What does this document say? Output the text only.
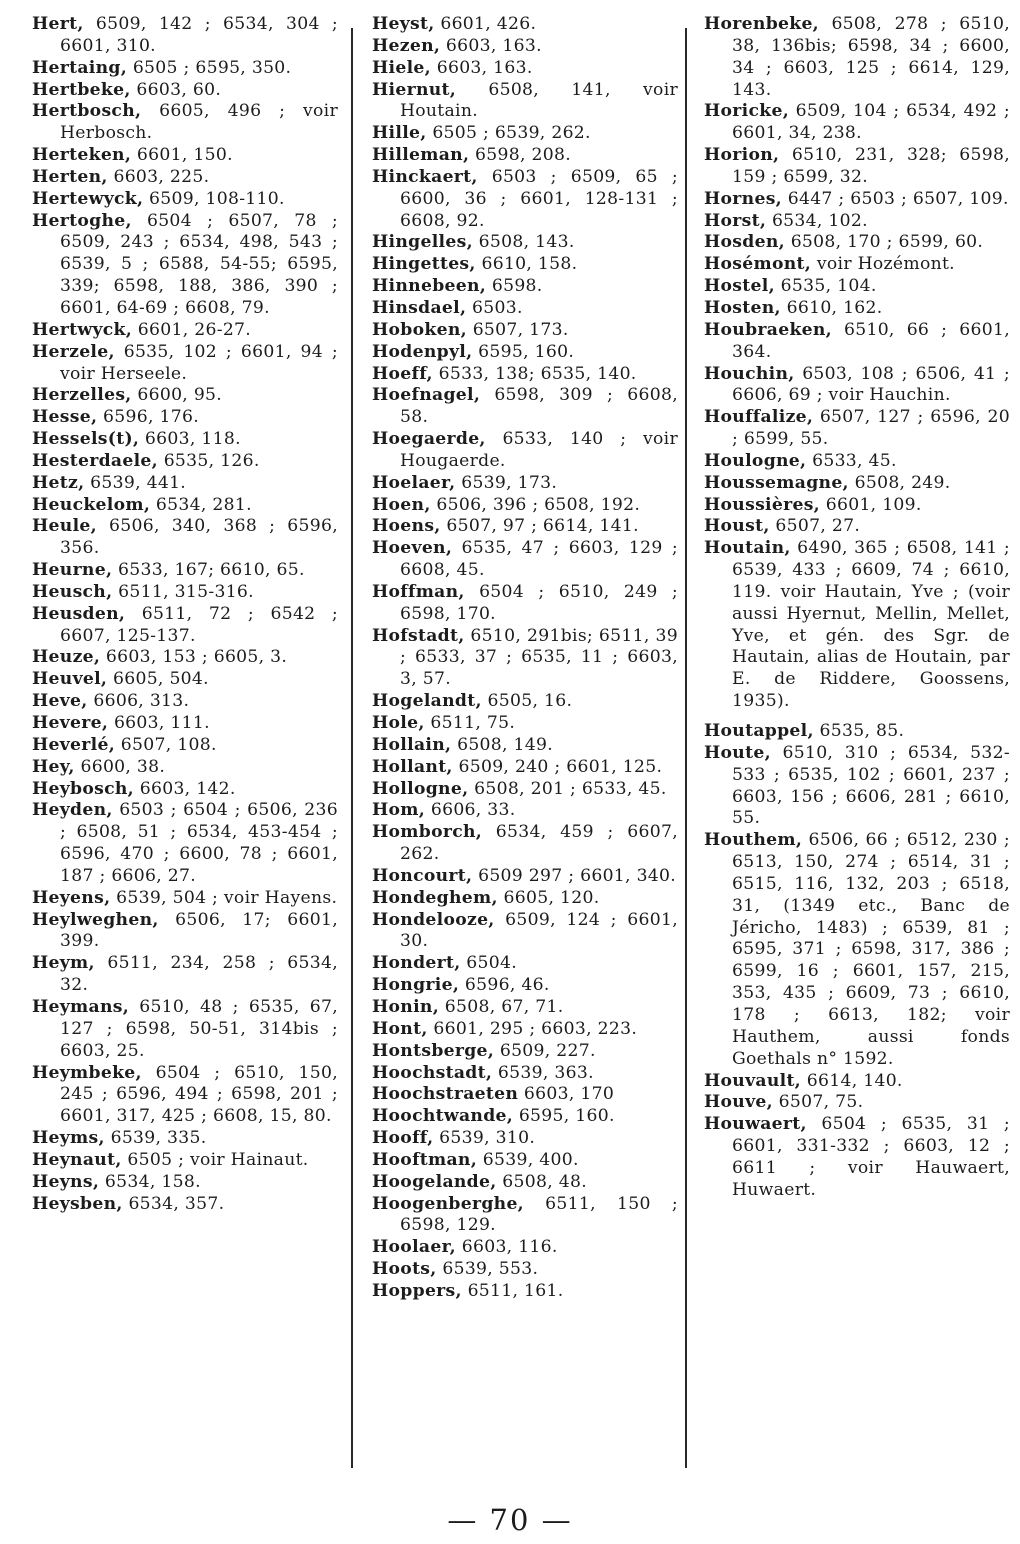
Hert, 6509, 142 ; 6534, 304 ; 6601, 310.
Hertaing, 6505 ; 6595, 350.
Hertbeke, 6603, 60.
Hertbosch, 6605, 496 ; voir Herbosch.
Herteken, 6601, 150.
Herten, 6603, 225.
Hertewyck, 6509, 108-110.
Hertoghe, 6504 ; 6507, 78 ; 6509, 243 ; 6534, 498, 543 ; 6539, 5 ; 6588, 54-55; 6595, 339; 6598, 188, 386, 390 ; 6601, 64-69 ; 6608, 79.
Hertwyck, 6601, 26-27.
Herzele, 6535, 102 ; 6601, 94 ; voir Herseele.
Herzelles, 6600, 95.
Hesse, 6596, 176.
Hessels(t), 6603, 118.
Hesterdaele, 6535, 126.
Hetz, 6539, 441.
Heuckelom, 6534, 281.
Heule, 6506, 340, 368 ; 6596, 356.
Heurne, 6533, 167; 6610, 65.
Heusch, 6511, 315-316.
Heusden, 6511, 72 ; 6542 ; 6607, 125-137.
Heuze, 6603, 153 ; 6605, 3.
Heuvel, 6605, 504.
Heve, 6606, 313.
Hevere, 6603, 111.
Heverlé, 6507, 108.
Hey, 6600, 38.
Heybosch, 6603, 142.
Heyden, 6503 ; 6504 ; 6506, 236 ; 6508, 51 ; 6534, 453-454 ; 6596, 470 ; 6600, 78 ; 6601, 187 ; 6606, 27.
Heyens, 6539, 504 ; voir Hayens.
Heylweghen, 6506, 17; 6601, 399.
Heym, 6511, 234, 258 ; 6534, 32.
Heymans, 6510, 48 ; 6535, 67, 127 ; 6598, 50-51, 314bis ; 6603, 25.
Heymbeke, 6504 ; 6510, 150, 245 ; 6596, 494 ; 6598, 201 ; 6601, 317, 425 ; 6608, 15, 80.
Heyms, 6539, 335.
Heynaut, 6505 ; voir Hainaut.
Heyns, 6534, 158.
Heysben, 6534, 357.
Heyst, 6601, 426.
Hezen, 6603, 163.
Hiele, 6603, 163.
Hiernut, 6508, 141, voir Houtain.
Hille, 6505 ; 6539, 262.
Hilleman, 6598, 208.
Hinckaert, 6503 ; 6509, 65 ; 6600, 36 ; 6601, 128-131 ; 6608, 92.
Hingelles, 6508, 143.
Hingettes, 6610, 158.
Hinnebeen, 6598.
Hinsdael, 6503.
Hoboken, 6507, 173.
Hodenpyl, 6595, 160.
Hoeff, 6533, 138; 6535, 140.
Hoefnagel, 6598, 309 ; 6608, 58.
Hoegaerde, 6533, 140 ; voir Hougaerde.
Hoelaer, 6539, 173.
Hoen, 6506, 396 ; 6508, 192.
Hoens, 6507, 97 ; 6614, 141.
Hoeven, 6535, 47 ; 6603, 129 ; 6608, 45.
Hoffman, 6504 ; 6510, 249 ; 6598, 170.
Hofstadt, 6510, 291bis; 6511, 39 ; 6533, 37 ; 6535, 11 ; 6603, 3, 57.
Hogelandt, 6505, 16.
Hole, 6511, 75.
Hollain, 6508, 149.
Hollant, 6509, 240 ; 6601, 125.
Hollogne, 6508, 201 ; 6533, 45.
Hom, 6606, 33.
Homborch, 6534, 459 ; 6607, 262.
Honcourt, 6509 297 ; 6601, 340.
Hondeghem, 6605, 120.
Hondelooze, 6509, 124 ; 6601, 30.
Hondert, 6504.
Hongrie, 6596, 46.
Honin, 6508, 67, 71.
Hont, 6601, 295 ; 6603, 223.
Hontsberge, 6509, 227.
Hoochstadt, 6539, 363.
Hoochstraeten 6603, 170
Hoochtwande, 6595, 160.
Hooff, 6539, 310.
Hooftman, 6539, 400.
Hoogelande, 6508, 48.
Hoogenberghe, 6511, 150 ; 6598, 129.
Hoolaer, 6603, 116.
Hoots, 6539, 553.
Hoppers, 6511, 161.
Horenbeke, 6508, 278 ; 6510, 38, 136bis; 6598, 34 ; 6600, 34 ; 6603, 125 ; 6614, 129, 143.
Horicke, 6509, 104 ; 6534, 492 ; 6601, 34, 238.
Horion, 6510, 231, 328; 6598, 159 ; 6599, 32.
Hornes, 6447 ; 6503 ; 6507, 109.
Horst, 6534, 102.
Hosden, 6508, 170 ; 6599, 60.
Hosémont, voir Hozémont.
Hostel, 6535, 104.
Hosten, 6610, 162.
Houbraeken, 6510, 66 ; 6601, 364.
Houchin, 6503, 108 ; 6506, 41 ; 6606, 69 ; voir Hauchin.
Houffalize, 6507, 127 ; 6596, 20 ; 6599, 55.
Houlogne, 6533, 45.
Houssemagne, 6508, 249.
Houssières, 6601, 109.
Houst, 6507, 27.
Houtain, 6490, 365 ; 6508, 141 ; 6539, 433 ; 6609, 74 ; 6610, 119. voir Hautain, Yve ; (voir aussi Hyernut, Mellin, Mellet, Yve, et gén. des Sgr. de Hautain, alias de Houtain, par E. de Riddere, Goossens, 1935).
Houtappel, 6535, 85.
Houte, 6510, 310 ; 6534, 532-533 ; 6535, 102 ; 6601, 237 ; 6603, 156 ; 6606, 281 ; 6610, 55.
Houthem, 6506, 66 ; 6512, 230 ; 6513, 150, 274 ; 6514, 31 ; 6515, 116, 132, 203 ; 6518, 31, (1349 etc., Banc de Jéricho, 1483) ; 6539, 81 ; 6595, 371 ; 6598, 317, 386 ; 6599, 16 ; 6601, 157, 215, 353, 435 ; 6609, 73 ; 6610, 178 ; 6613, 182; voir Hauthem, aussi fonds Goethals n° 1592.
Houvault, 6614, 140.
Houve, 6507, 75.
Houwaert, 6504 ; 6535, 31 ; 6601, 331-332 ; 6603, 12 ; 6611 ; voir Hauwaert, Huwaert.
— 70 —
